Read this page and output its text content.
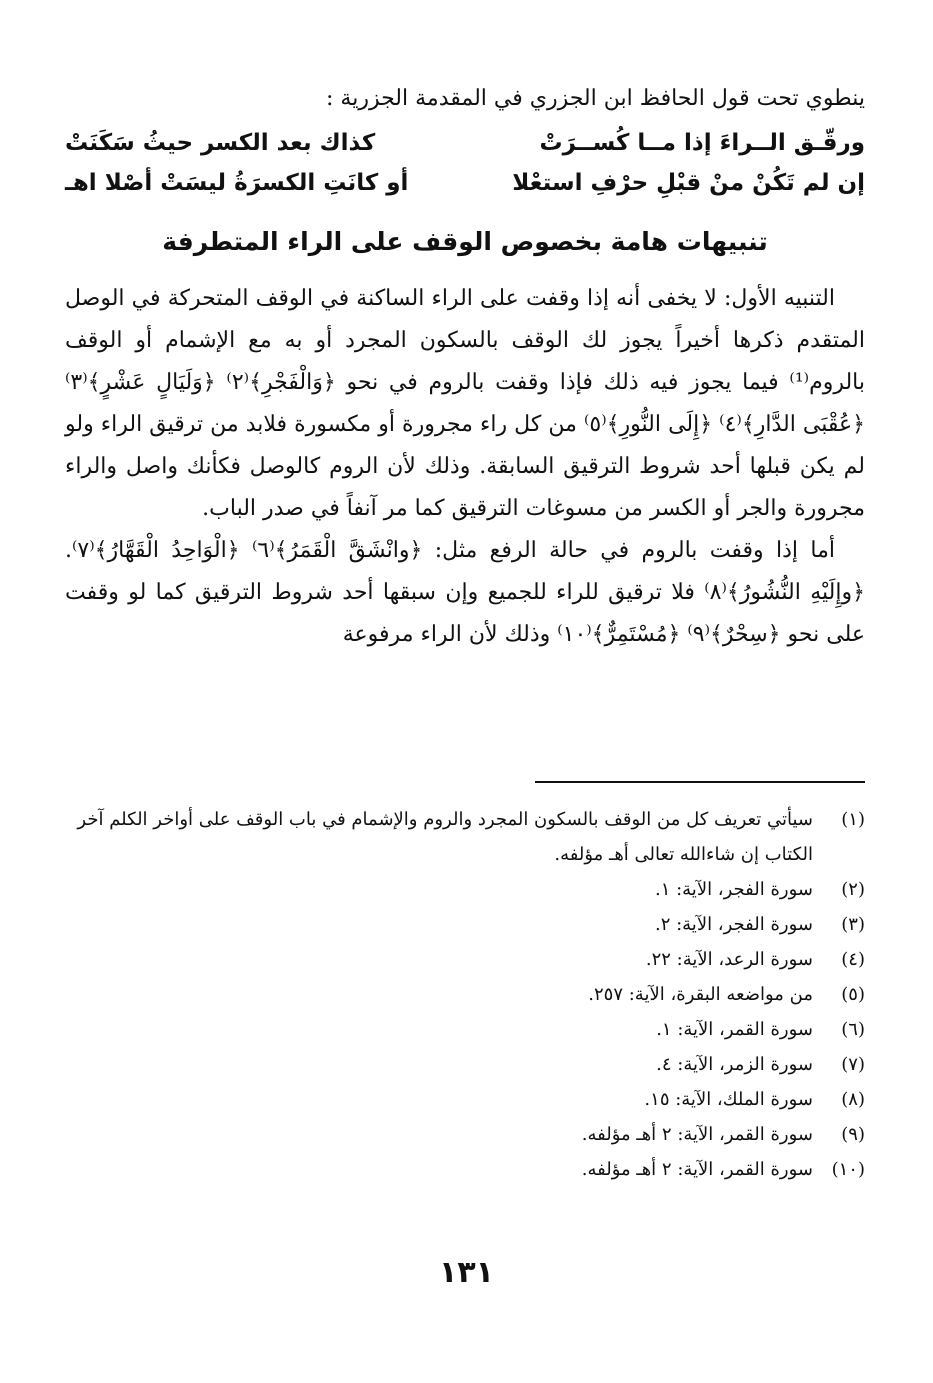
ينطوي تحت قول الحافظ ابن الجزري في المقدمة الجزرية :
ورقّـق الــراءَ إذا مــا كُســرَتْ
كذاك بعد الكسر حيثُ سَكَنَتْ
إن لم تَكُنْ منْ قبْلِ حرْفِ استعْلا
أو كانَتِ الكسرَةُ ليسَتْ أصْلا اهـ
تنبيهات هامة بخصوص الوقف على الراء المتطرفة

التنبيه الأول: لا يخفى أنه إذا وقفت على الراء الساكنة في الوقف المتحركة في الوصل المتقدم ذكرها أخيراً يجوز لك الوقف بالسكون المجرد أو به مع الإشمام أو الوقف بالروم⁽¹⁾ فيما يجوز فيه ذلك فإذا وقفت بالروم في نحو ﴿وَالْفَجْرِ﴾⁽٢⁾ ﴿وَلَيَالٍ عَشْرٍ﴾⁽٣⁾ ﴿عُقْبَى الدَّارِ﴾⁽٤⁾ ﴿إِلَى النُّورِ﴾⁽٥⁾ من كل راء مجرورة أو مكسورة فلابد من ترقيق الراء ولو لم يكن قبلها أحد شروط الترقيق السابقة. وذلك لأن الروم كالوصل فكأنك واصل والراء مجرورة والجر أو الكسر من مسوغات الترقيق كما مر آنفاً في صدر الباب.

أما إذا وقفت بالروم في حالة الرفع مثل: ﴿وانْشَقَّ الْقَمَرُ﴾⁽٦⁾ ﴿الْوَاحِدُ الْقَهَّارُ﴾⁽٧⁾. ﴿وإِلَيْهِ النُّشُورُ﴾⁽٨⁾ فلا ترقيق للراء للجميع وإن سبقها أحد شروط الترقيق كما لو وقفت على نحو ﴿سِحْرٌ﴾⁽٩⁾ ﴿مُسْتَمِرٌّ﴾⁽١٠⁾ وذلك لأن الراء مرفوعة

(١)
سيأتي تعريف كل من الوقف بالسكون المجرد والروم والإشمام في باب الوقف على أواخر الكلم آخر الكتاب إن شاءالله تعالى أهـ مؤلفه.
(٢)
سورة الفجر، الآية: ١.
(٣)
سورة الفجر، الآية: ٢.
(٤)
سورة الرعد، الآية: ٢٢.
(٥)
من مواضعه البقرة، الآية: ٢٥٧.
(٦)
سورة القمر، الآية: ١.
(٧)
سورة الزمر، الآية: ٤.
(٨)
سورة الملك، الآية: ١٥.
(٩)
سورة القمر، الآية: ٢ أهـ مؤلفه.
(١٠)
سورة القمر، الآية: ٢ أهـ مؤلفه.
١٣١
